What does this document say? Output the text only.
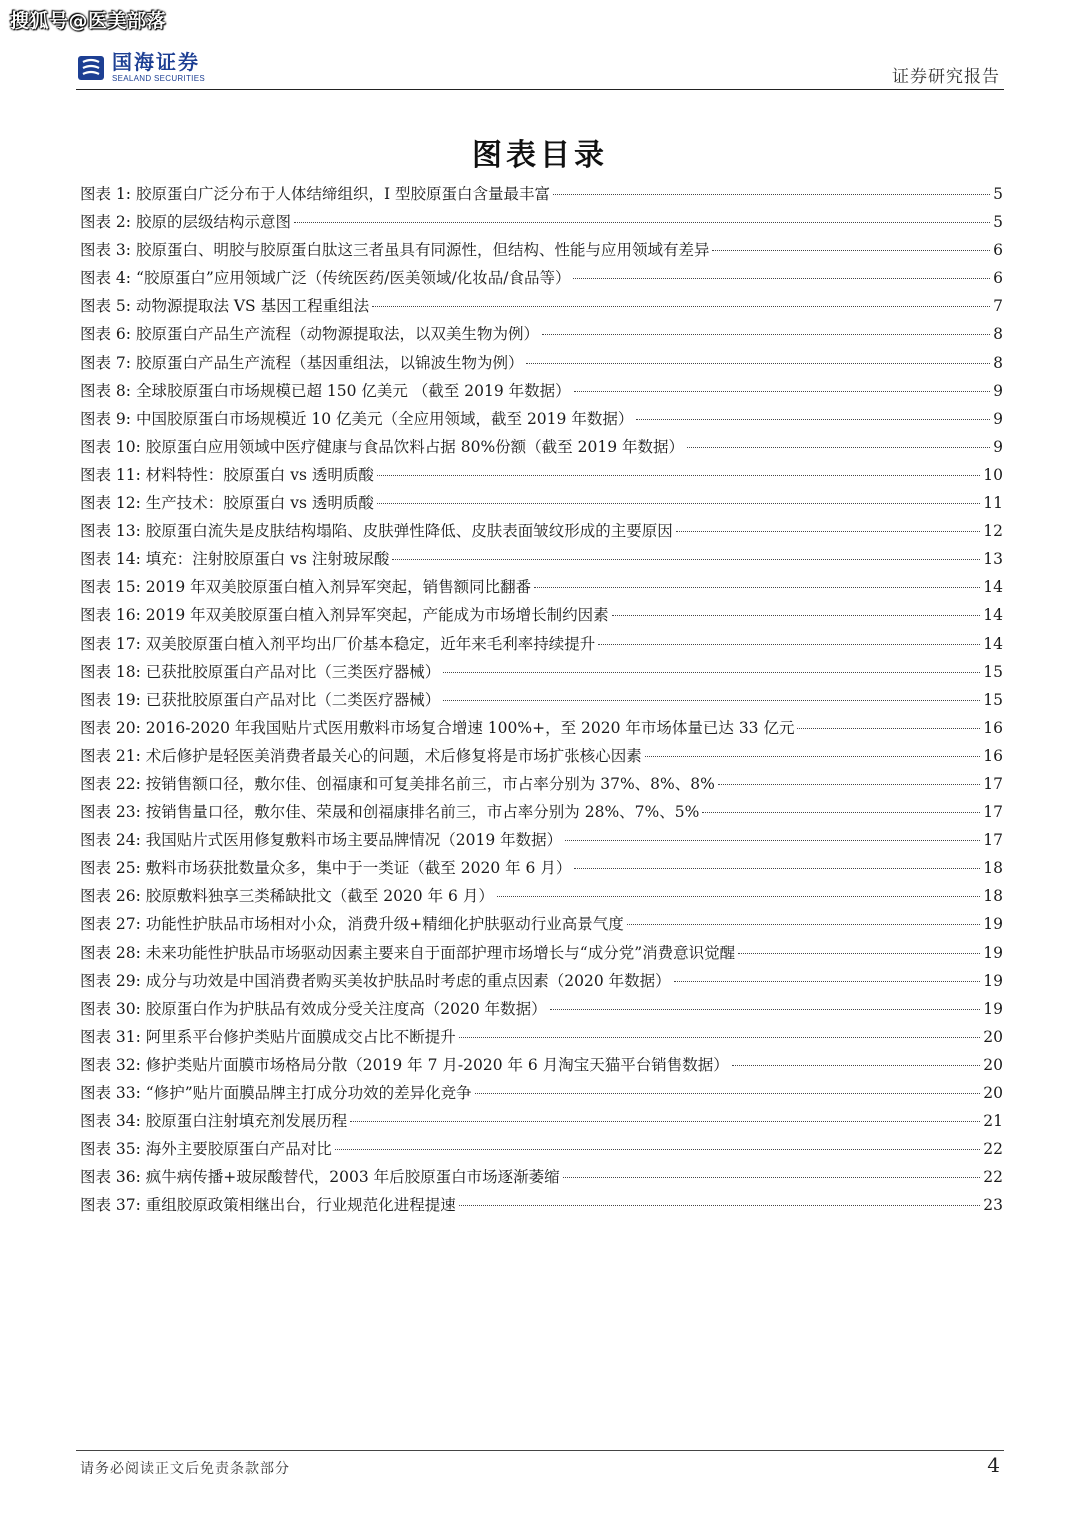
搜狐号@医美部落
国海证券
SEALAND SECURITIES	证券研究报告
图表目录
图表 1: 胶原蛋白广泛分布于人体结缔组织，I 型胶原蛋白含量最丰富	5
图表 2: 胶原的层级结构示意图	5
图表 3: 胶原蛋白、明胶与胶原蛋白肽这三者虽具有同源性，但结构、性能与应用领域有差异	6
图表 4: “胶原蛋白”应用领域广泛（传统医药/医美领域/化妆品/食品等）	6
图表 5: 动物源提取法 VS 基因工程重组法	7
图表 6: 胶原蛋白产品生产流程（动物源提取法，以双美生物为例）	8
图表 7: 胶原蛋白产品生产流程（基因重组法，以锦波生物为例）	8
图表 8: 全球胶原蛋白市场规模已超 150 亿美元 （截至 2019 年数据）	9
图表 9: 中国胶原蛋白市场规模近 10 亿美元（全应用领域，截至 2019 年数据）	9
图表 10: 胶原蛋白应用领域中医疗健康与食品饮料占据 80%份额（截至 2019 年数据）	9
图表 11: 材料特性：胶原蛋白 vs 透明质酸	10
图表 12: 生产技术：胶原蛋白 vs 透明质酸	11
图表 13: 胶原蛋白流失是皮肤结构塌陷、皮肤弹性降低、皮肤表面皱纹形成的主要原因	12
图表 14: 填充：注射胶原蛋白 vs 注射玻尿酸	13
图表 15: 2019 年双美胶原蛋白植入剂异军突起，销售额同比翻番	14
图表 16: 2019 年双美胶原蛋白植入剂异军突起，产能成为市场增长制约因素	14
图表 17: 双美胶原蛋白植入剂平均出厂价基本稳定，近年来毛利率持续提升	14
图表 18: 已获批胶原蛋白产品对比（三类医疗器械）	15
图表 19: 已获批胶原蛋白产品对比（二类医疗器械）	15
图表 20: 2016-2020 年我国贴片式医用敷料市场复合增速 100%+，至 2020 年市场体量已达 33 亿元	16
图表 21: 术后修护是轻医美消费者最关心的问题，术后修复将是市场扩张核心因素	16
图表 22: 按销售额口径，敷尔佳、创福康和可复美排名前三，市占率分别为 37%、8%、8%	17
图表 23: 按销售量口径，敷尔佳、荣晟和创福康排名前三，市占率分别为 28%、7%、5%	17
图表 24: 我国贴片式医用修复敷料市场主要品牌情况（2019 年数据）	17
图表 25: 敷料市场获批数量众多，集中于一类证（截至 2020 年 6 月）	18
图表 26: 胶原敷料独享三类稀缺批文（截至 2020 年 6 月）	18
图表 27: 功能性护肤品市场相对小众，消费升级+精细化护肤驱动行业高景气度	19
图表 28: 未来功能性护肤品市场驱动因素主要来自于面部护理市场增长与“成分党”消费意识觉醒	19
图表 29: 成分与功效是中国消费者购买美妆护肤品时考虑的重点因素（2020 年数据）	19
图表 30: 胶原蛋白作为护肤品有效成分受关注度高（2020 年数据）	19
图表 31: 阿里系平台修护类贴片面膜成交占比不断提升	20
图表 32: 修护类贴片面膜市场格局分散（2019 年 7 月-2020 年 6 月淘宝天猫平台销售数据）	20
图表 33: “修护”贴片面膜品牌主打成分功效的差异化竞争	20
图表 34: 胶原蛋白注射填充剂发展历程	21
图表 35: 海外主要胶原蛋白产品对比	22
图表 36: 疯牛病传播+玻尿酸替代，2003 年后胶原蛋白市场逐渐萎缩	22
图表 37: 重组胶原政策相继出台，行业规范化进程提速	23
请务必阅读正文后免责条款部分	4
